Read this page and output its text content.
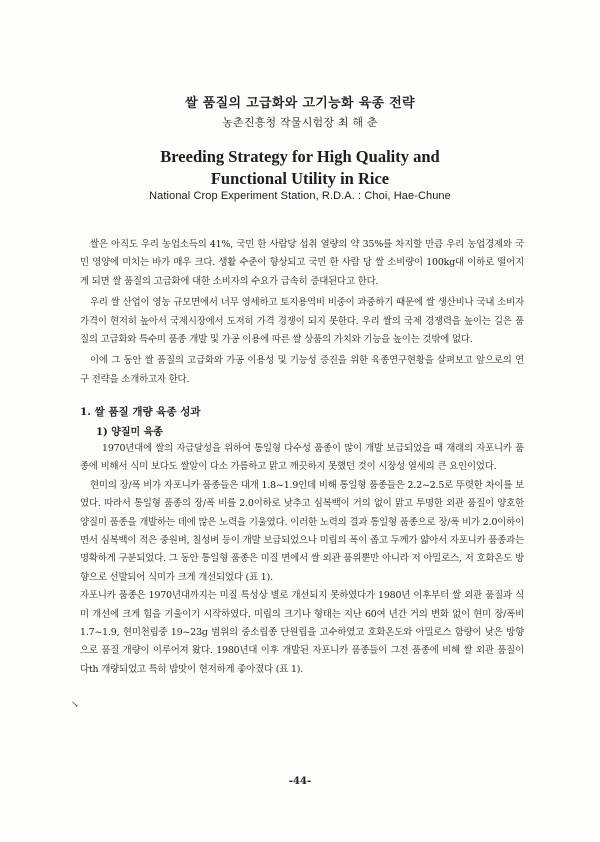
쌀 품질의 고급화와 고기능화 육종 전략
농촌진흥청 작물시험장 최 해 춘
Breeding Strategy for High Quality and
Functional Utility in Rice
National Crop Experiment Station, R.D.A. : Choi, Hae-Chune

쌀은 아직도 우리 농업소득의 41%, 국민 한 사람당 섭취 열량의 약 35%를 차지할 만큼 우리 농업경제와 국민 영양에 미치는 바가 매우 크다. 생활 수준이 향상되고 국민 한 사람 당 쌀 소비량이 100kg대 이하로 떨어지게 되면 쌀 품질의 고급화에 대한 소비자의 수요가 급속히 증대된다고 한다.

우리 쌀 산업이 영농 규모면에서 너무 영세하고 토지용역비 비중이 과중하기 때문에 쌀 생산비나 국내 소비자 가격이 현저히 높아서 국제시장에서 도저히 가격 경쟁이 되지 못한다. 우리 쌀의 국제 경쟁력을 높이는 길은 품질의 고급화와 특수미 품종 개발 및 가공 이용에 따른 쌀 상품의 가치와 기능을 높이는 것밖에 없다.

이에 그 동안 쌀 품질의 고급화와 가공 이용성 및 기능성 증진을 위한 육종연구현황을 살펴보고 앞으로의 연구 전략을 소개하고자 한다.

1. 쌀 품질 개량 육종 성과
1) 양질미 육종

1970년대에 쌀의 자급달성을 위하여 통일형 다수성 품종이 많이 개발 보급되었을 때 재래의 자포니카 품종에 비해서 식미 보다도 쌀알이 다소 가름하고 맑고 깨끗하지 못했던 것이 시장성 열세의 큰 요인이었다.

현미의 장/폭 비가 자포니카 품종들은 대개 1.8~1.9인데 비해 통일형 품종들은 2.2~2.5로 뚜렷한 차이를 보였다. 따라서 통일형 품종의 장/폭 비를 2.0이하로 낮추고 심복백이 거의 없이 맑고 투명한 외관 품질이 양호한 양질미 품종을 개발하는 데에 많은 노력을 기울였다. 이러한 노력의 결과 통일형 품종으로 장/폭 비가 2.0이하이면서 심복백이 적은 중원벼, 칠성벼 등이 개발 보급되었으나 미립의 폭이 좁고 두께가 얇아서 자포니카 품종과는 명확하게 구분되었다. 그 동안 통일형 품종은 미질 면에서 쌀 외관 품위뿐만 아니라 저 아밀로스, 저 호화온도 방향으로 선발되어 식미가 크게 개선되었다 (표 1).

자포니카 품종은 1970년대까지는 미질 특성상 별로 개선되지 못하였다가 1980년 이후부터 쌀 외관 품질과 식미 개선에 크게 힘을 기울이기 시작하였다. 미립의 크기나 형태는 지난 60여 년간 거의 변화 없이 현미 장/폭비 1.7~1.9, 현미천립중 19~23g 범위의 중소립종 단원립을 고수하였고 호화온도와 아밀로스 함량이 낮은 방향으로 품질 개량이 이루어져 왔다. 1980년대 이후 개발된 자포니카 품종들이 그전 품종에 비해 쌀 외관 품질이 다th 개량되었고 특히 밥맛이 현저하게 좋아졌다 (표 1).

↘
-44-
